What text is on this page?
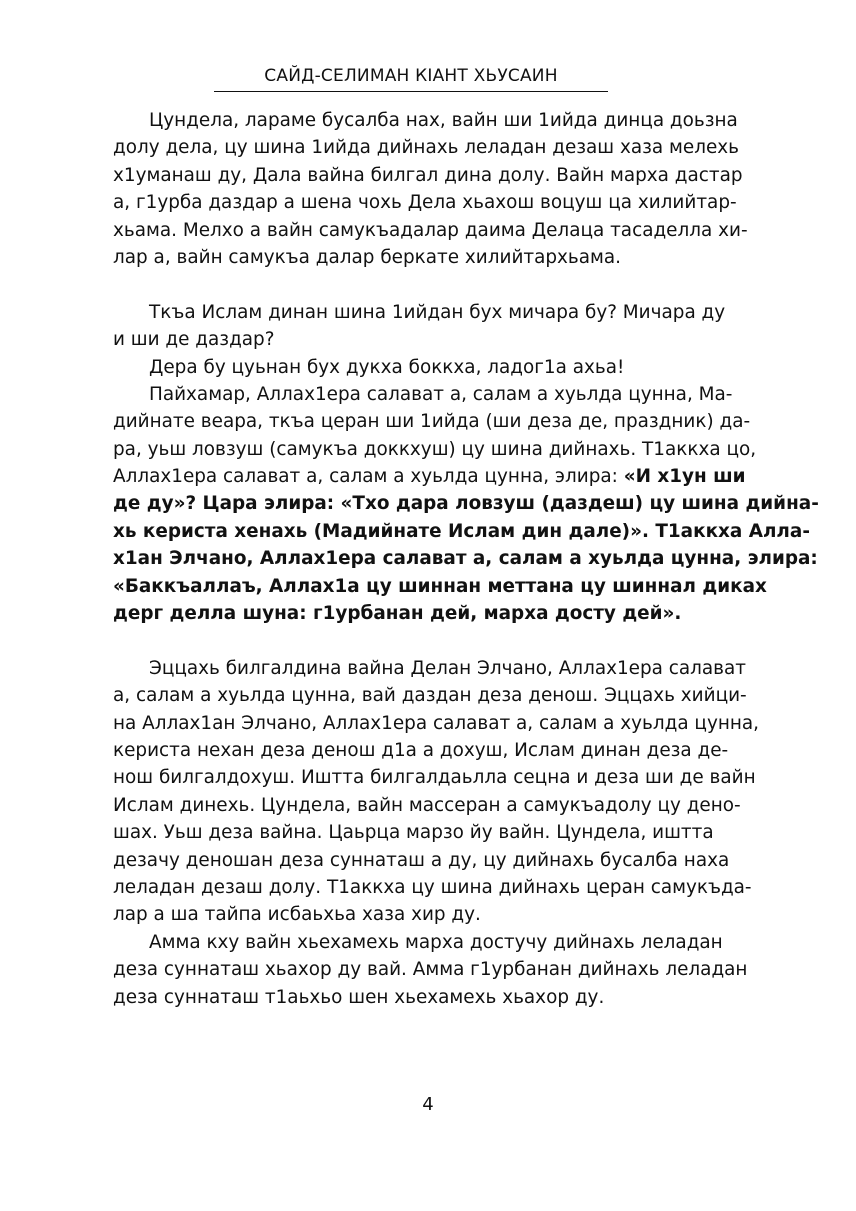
САЙД-СЕЛИМАН КIАНТ ХЬУСАИН
Цундела, лараме бусалба нах, вайн ши 1ийда динца доьзна
долу дела, цу шина 1ийда дийнахь леладан дезаш хаза мелехь
х1уманаш ду, Дала вайна билгал дина долу. Вайн марха дастар
а, г1урба даздар а шена чохь Дела хьахош воцуш ца хилийтар-
хьама. Мелхо а вайн самукъадалар даима Делаца тасаделла хи-
лар а, вайн самукъа далар беркате хилийтархьама.
Ткъа Ислам динан шина 1ийдан бух мичара бу? Мичара ду
и ши де даздар?
Дера бу цуьнан бух дукха боккха, ладог1а ахьа!
Пайхамар, Аллах1ера салават а, салам а хуьлда цунна, Ма-
дийнате веара, ткъа церан ши 1ийда (ши деза де, праздник) да-
ра, уьш ловзуш (самукъа доккхуш) цу шина дийнахь. Т1аккха цо,
Аллах1ера салават а, салам а хуьлда цунна, элира: «И х1ун ши
де ду»? Цара элира: «Тхо дара ловзуш (даздеш) цу шина дийна-
хь кериста хенахь (Мадийнате Ислам дин дале)». Т1аккха Алла-
х1ан Элчано, Аллах1ера салават а, салам а хуьлда цунна, элира:
«Баккъаллаъ, Аллах1а цу шиннан меттана цу шиннал диках
дерг делла шуна: г1урбанан дей, марха досту дей».
Эццахь билгалдина вайна Делан Элчано, Аллах1ера салават
а, салам а хуьлда цунна, вай даздан деза денош. Эццахь хийци-
на Аллах1ан Элчано, Аллах1ера салават а, салам а хуьлда цунна,
кериста нехан деза денош д1а а дохуш, Ислам динан деза де-
нош билгалдохуш. Иштта билгалдаьлла сецна и деза ши де вайн
Ислам динехь. Цундела, вайн массеран а самукъадолу цу дено-
шах. Уьш деза вайна. Цаьрца марзо йу вайн. Цундела, иштта
дезачу деношан деза суннаташ а ду, цу дийнахь бусалба наха
леладан дезаш долу. Т1аккха цу шина дийнахь церан самукъда-
лар а ша тайпа исбаьхьа хаза хир ду.
Амма кху вайн хьехамехь марха достучу дийнахь леладан
деза суннаташ хьахор ду вай. Амма г1урбанан дийнахь леладан
деза суннаташ т1аьхьо шен хьехамехь хьахор ду.
4
